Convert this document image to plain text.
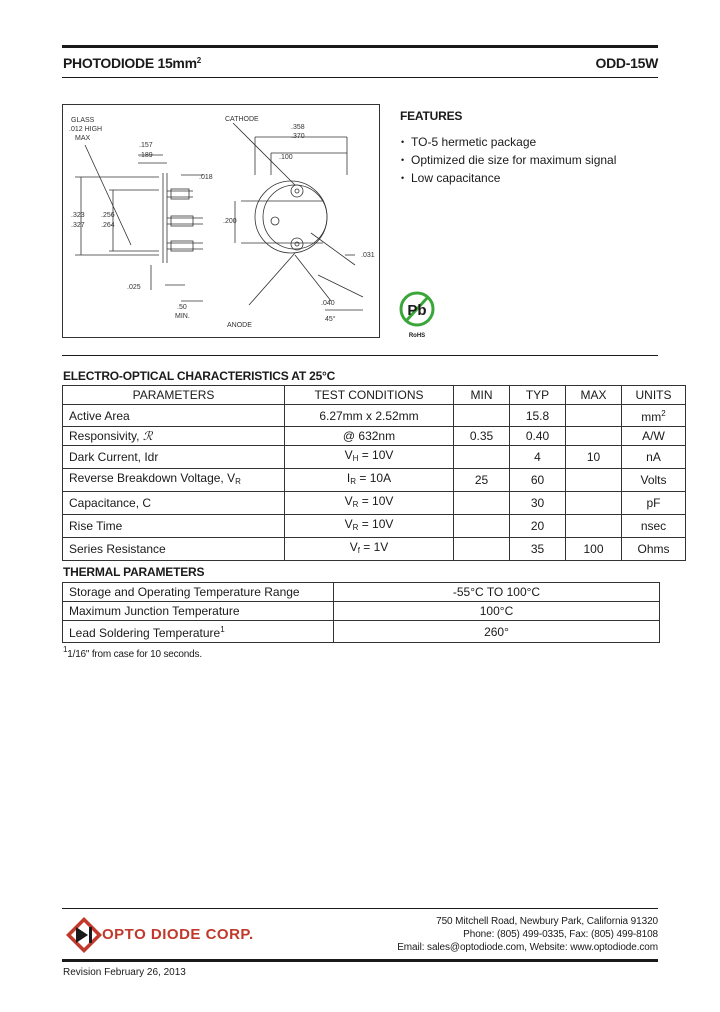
PHOTODIODE $15mm^2$	ODD-15W
GLASS
.012 HIGH
MAX
CATHODE
ANODE
.157
.189
.018
.323
.327
.256
.264
.025
.50
MIN.
.358
.370
.100
.200
.031
.040
45°
FEATURES
• TO-5 hermetic package
• Optimized die size for maximum signal
• Low capacitance
Pb
RoHS
ELECTRO-OPTICAL CHARACTERISTICS AT 25°C
PARAMETERS	TEST CONDITIONS	MIN	TYP	MAX	UNITS
Active Area	6.27mm x 2.52mm		15.8		$mm^2$
Responsivity, ℛ	@ 632nm	0.35	0.40		A/W
Dark Current, Idr	$V_H = 10V$		4	10	nA
Reverse Breakdown Voltage, $V_R$	$I_R = 10A$	25	60		Volts
Capacitance, C	$V_R = 10V$		30		pF
Rise Time	$V_R = 10V$		20		nsec
Series Resistance	$V_f = 1V$		35	100	Ohms
THERMAL PARAMETERS
Storage and Operating Temperature Range	-55°C TO 100°C
Maximum Junction Temperature	100°C
Lead Soldering Temperature$^1$	260°
$^1$1/16" from case for 10 seconds.
OPTO DIODE CORP.
750 Mitchell Road, Newbury Park, California 91320
Phone: (805) 499-0335, Fax: (805) 499-8108
Email: sales@optodiode.com, Website: www.optodiode.com
Revision February 26, 2013
